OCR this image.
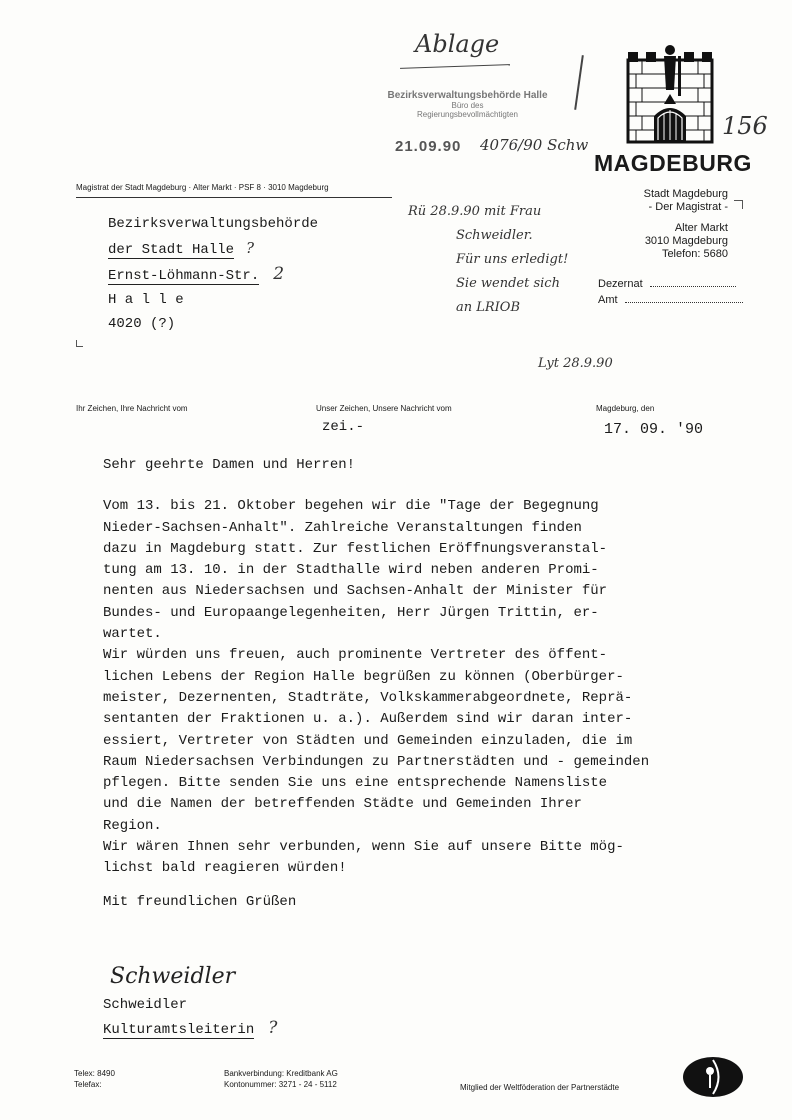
Ablage
Bezirksverwaltungsbehörde Halle
Büro des
Regierungsbevollmächtigten
21.09.90 4076/90 Schw
156
MAGDEBURG
Magistrat der Stadt Magdeburg · Alter Markt · PSF 8 · 3010 Magdeburg
Stadt Magdeburg
- Der Magistrat -
Alter Markt
3010 Magdeburg
Telefon: 5680
Dezernat
Amt
Bezirksverwaltungsbehörde
der Stadt Halle ?
Ernst-Löhmann-Str. 2
H a l l e
4020 (?)
Rü 28.9.90 mit Frau
Schweidler.
Für uns erledigt!
Sie wendet sich
an LRIOB
Lyt 28.9.90
Ihr Zeichen, Ihre Nachricht vom	Unser Zeichen, Unsere Nachricht vom
zei.-
Magdeburg, den
17. 09. '90

Sehr geehrte Damen und Herren!

Vom 13. bis 21. Oktober begehen wir die "Tage der Begegnung
Nieder-Sachsen-Anhalt". Zahlreiche Veranstaltungen finden
dazu in Magdeburg statt. Zur festlichen Eröffnungsveranstal-
tung am 13. 10. in der Stadthalle wird neben anderen Promi-
nenten aus Niedersachsen und Sachsen-Anhalt der Minister für
Bundes- und Europaangelegenheiten, Herr Jürgen Trittin, er-
wartet.

Wir würden uns freuen, auch prominente Vertreter des öffent-
lichen Lebens der Region Halle begrüßen zu können (Oberbürger-
meister, Dezernenten, Stadträte, Volkskammerabgeordnete, Reprä-
sentanten der Fraktionen u. a.). Außerdem sind wir daran inter-
essiert, Vertreter von Städten und Gemeinden einzuladen, die im
Raum Niedersachsen Verbindungen zu Partnerstädten und - gemeinden
pflegen. Bitte senden Sie uns eine entsprechende Namensliste
und die Namen der betreffenden Städte und Gemeinden Ihrer
Region.

Wir wären Ihnen sehr verbunden, wenn Sie auf unsere Bitte mög-
lichst bald reagieren würden!

Mit freundlichen Grüßen

Schweidler
Schweidler
Kulturamtsleiterin ?
Telex: 8490
Telefax:
Bankverbindung: Kreditbank AG
Kontonummer: 3271 - 24 - 5112	Mitglied der Weltföderation der Partnerstädte
